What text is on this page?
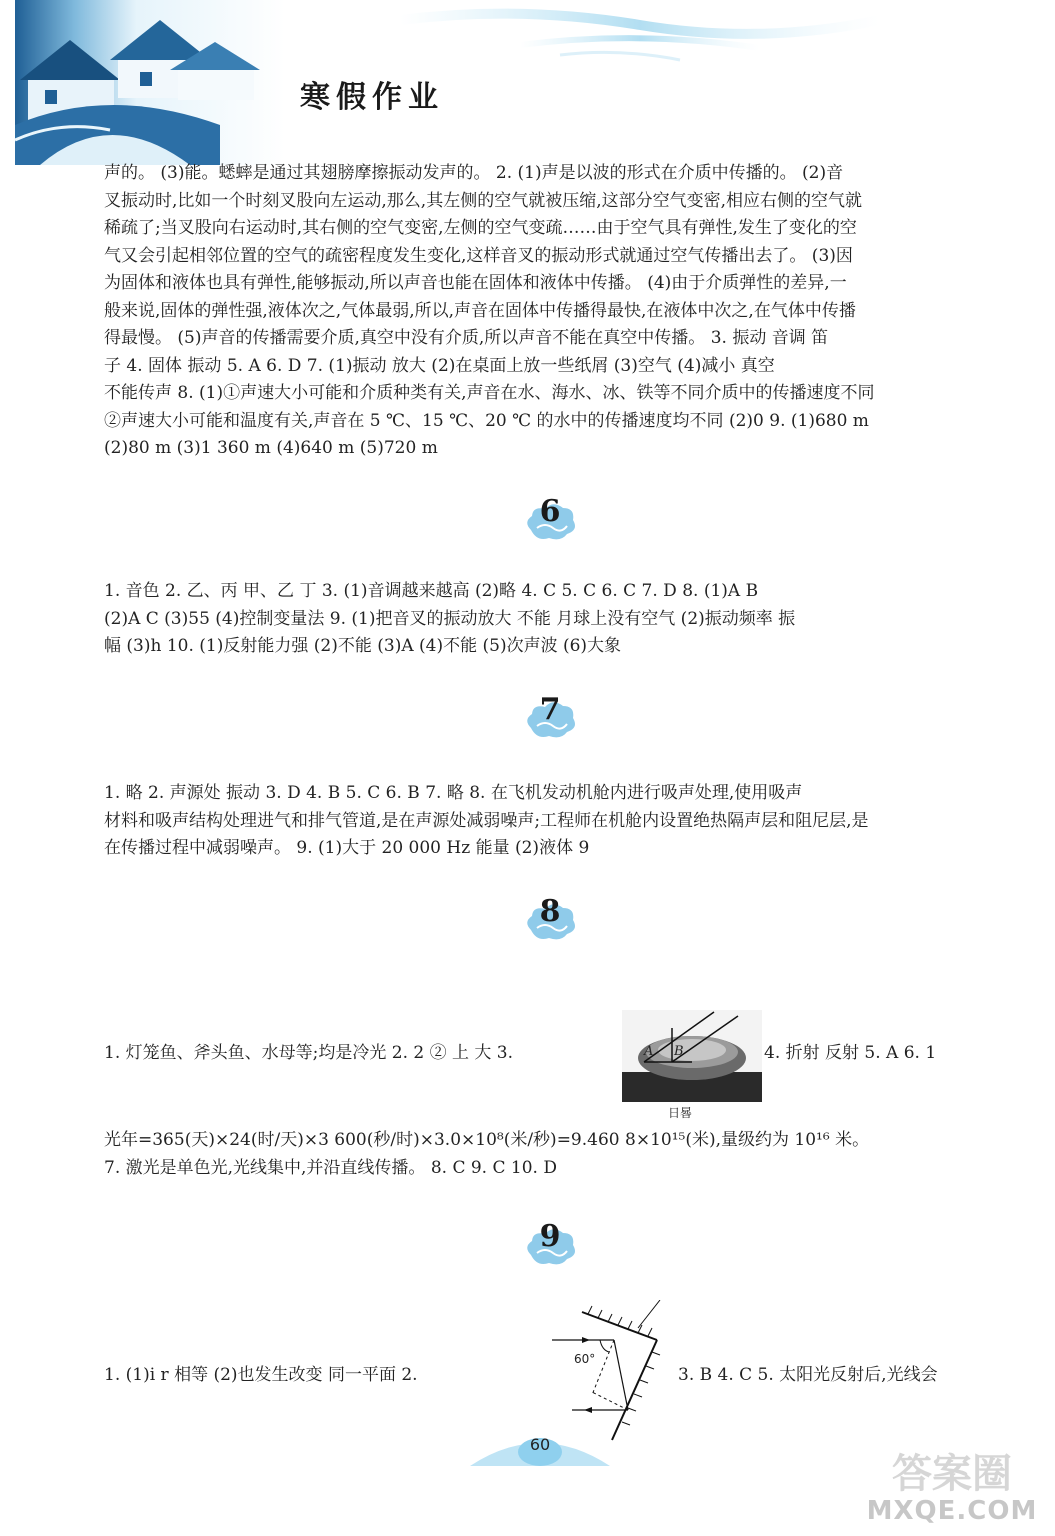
寒假作业
声的。 (3)能。蟋蟀是通过其翅膀摩擦振动发声的。 2. (1)声是以波的形式在介质中传播的。 (2)音
叉振动时,比如一个时刻叉股向左运动,那么,其左侧的空气就被压缩,这部分空气变密,相应右侧的空气就
稀疏了;当叉股向右运动时,其右侧的空气变密,左侧的空气变疏……由于空气具有弹性,发生了变化的空
气又会引起相邻位置的空气的疏密程度发生变化,这样音叉的振动形式就通过空气传播出去了。 (3)因
为固体和液体也具有弹性,能够振动,所以声音也能在固体和液体中传播。 (4)由于介质弹性的差异,一
般来说,固体的弹性强,液体次之,气体最弱,所以,声音在固体中传播得最快,在液体中次之,在气体中传播
得最慢。 (5)声音的传播需要介质,真空中没有介质,所以声音不能在真空中传播。 3. 振动 音调 笛
子 4. 固体 振动 5. A 6. D 7. (1)振动 放大 (2)在桌面上放一些纸屑 (3)空气 (4)减小 真空
不能传声 8. (1)①声速大小可能和介质种类有关,声音在水、海水、冰、铁等不同介质中的传播速度不同
②声速大小可能和温度有关,声音在 5 ℃、15 ℃、20 ℃ 的水中的传播速度均不同 (2)0 9. (1)680 m
(2)80 m (3)1 360 m (4)640 m (5)720 m
6
1. 音色 2. 乙、丙 甲、乙 丁 3. (1)音调越来越高 (2)略 4. C 5. C 6. C 7. D 8. (1)A B
(2)A C (3)55 (4)控制变量法 9. (1)把音叉的振动放大 不能 月球上没有空气 (2)振动频率 振
幅 (3)h 10. (1)反射能力强 (2)不能 (3)A (4)不能 (5)次声波 (6)大象
7
1. 略 2. 声源处 振动 3. D 4. B 5. C 6. B 7. 略 8. 在飞机发动机舱内进行吸声处理,使用吸声
材料和吸声结构处理进气和排气管道,是在声源处减弱噪声;工程师在机舱内设置绝热隔声层和阻尼层,是
在传播过程中减弱噪声。 9. (1)大于 20 000 Hz 能量 (2)液体 9
8
1. 灯笼鱼、斧头鱼、水母等;均是冷光 2. 2 ② 上 大 3.	A B
日晷
4. 折射 反射 5. A 6. 1
光年=365(天)×24(时/天)×3 600(秒/时)×3.0×10⁸(米/秒)=9.460 8×10¹⁵(米),量级约为 10¹⁶ 米。
7. 激光是单色光,光线集中,并沿直线传播。 8. C 9. C 10. D
9
1. (1)i r 相等 (2)也发生改变 同一平面 2.
60°
3. B 4. C 5. 太阳光反射后,光线会
60
答案圈
MXQE.COM
